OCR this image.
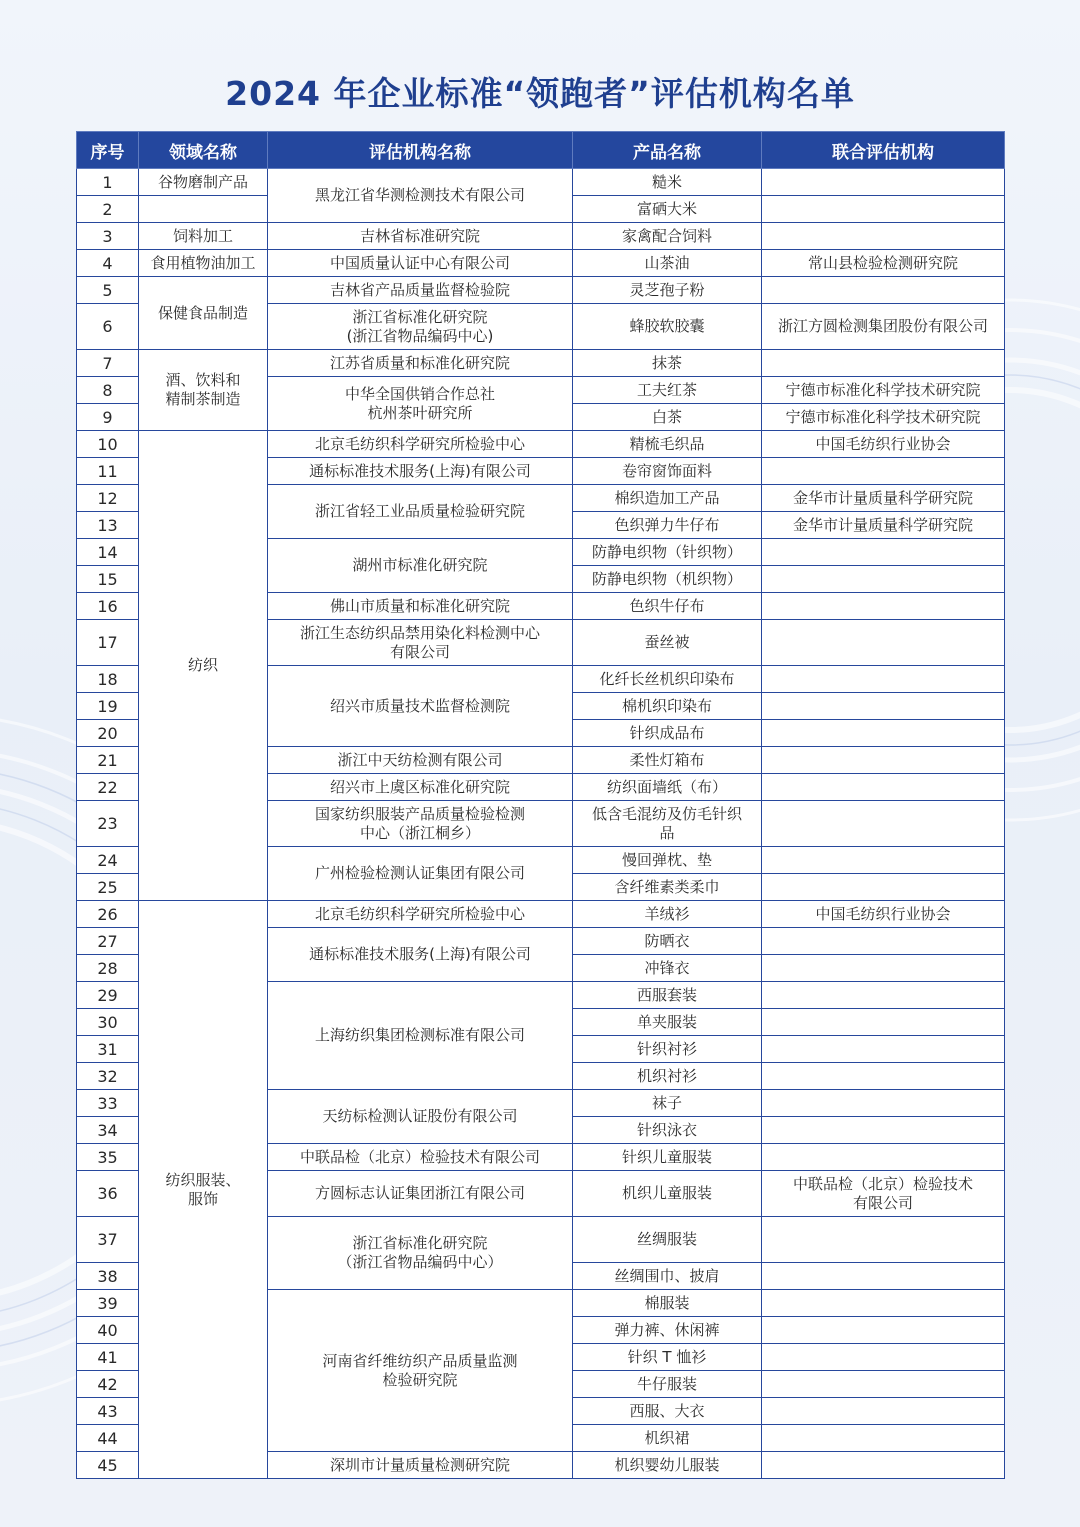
2024 年企业标准“领跑者”评估机构名单
序号	领域名称	评估机构名称	产品名称	联合评估机构
1	谷物磨制产品	黑龙江省华测检测技术有限公司	糙米	
2			富硒大米	
3	饲料加工	吉林省标准研究院	家禽配合饲料	
4	食用植物油加工	中国质量认证中心有限公司	山茶油	常山县检验检测研究院
5	保健食品制造	吉林省产品质量监督检验院	灵芝孢子粉	
6		浙江省标准化研究院
(浙江省物品编码中心)	蜂胶软胶囊	浙江方圆检测集团股份有限公司
7	酒、饮料和
精制茶制造	江苏省质量和标准化研究院	抹茶	
8		中华全国供销合作总社
杭州茶叶研究所	工夫红茶	宁德市标准化科学技术研究院
9			白茶	宁德市标准化科学技术研究院
10	纺织	北京毛纺织科学研究所检验中心	精梳毛织品	中国毛纺织行业协会
11		通标标准技术服务(上海)有限公司	卷帘窗饰面料	
12		浙江省轻工业品质量检验研究院	棉织造加工产品	金华市计量质量科学研究院
13			色织弹力牛仔布	金华市计量质量科学研究院
14		湖州市标准化研究院	防静电织物（针织物）	
15			防静电织物（机织物）	
16		佛山市质量和标准化研究院	色织牛仔布	
17		浙江生态纺织品禁用染化料检测中心
有限公司	蚕丝被	
18		绍兴市质量技术监督检测院	化纤长丝机织印染布	
19			棉机织印染布	
20			针织成品布	
21		浙江中天纺检测有限公司	柔性灯箱布	
22		绍兴市上虞区标准化研究院	纺织面墙纸（布）	
23		国家纺织服装产品质量检验检测
中心（浙江桐乡）	低含毛混纺及仿毛针织
品	
24		广州检验检测认证集团有限公司	慢回弹枕、垫	
25			含纤维素类柔巾	
26	纺织服装、
服饰	北京毛纺织科学研究所检验中心	羊绒衫	中国毛纺织行业协会
27		通标标准技术服务(上海)有限公司	防晒衣	
28			冲锋衣	
29		上海纺织集团检测标准有限公司	西服套装	
30			单夹服装	
31			针织衬衫	
32			机织衬衫	
33		天纺标检测认证股份有限公司	袜子	
34			针织泳衣	
35		中联品检（北京）检验技术有限公司	针织儿童服装	
36		方圆标志认证集团浙江有限公司	机织儿童服装	中联品检（北京）检验技术
有限公司
37		浙江省标准化研究院
（浙江省物品编码中心）	丝绸服装	
38			丝绸围巾、披肩	
39		河南省纤维纺织产品质量监测
检验研究院	棉服装	
40			弹力裤、休闲裤	
41			针织 T 恤衫	
42			牛仔服装	
43			西服、大衣	
44			机织裙	
45		深圳市计量质量检测研究院	机织婴幼儿服装	
